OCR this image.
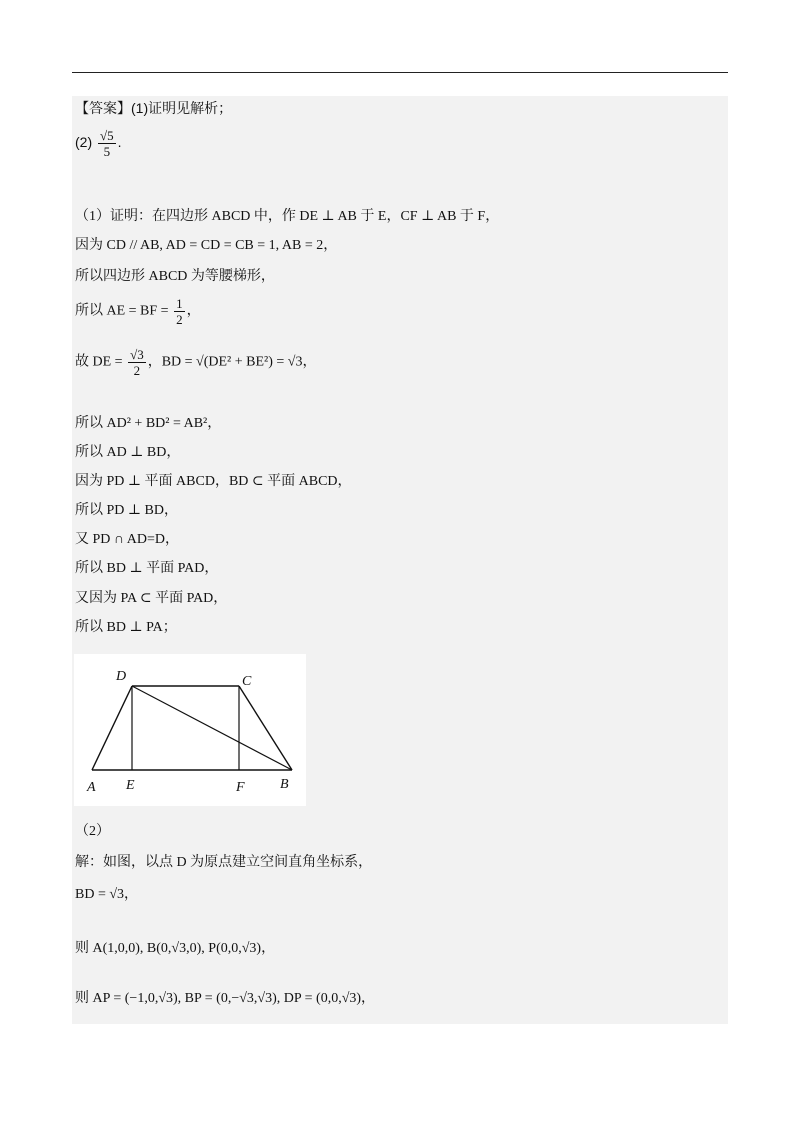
【答案】(1)证明见解析；
$(2) \frac{√5}{5}$ .
（1）证明：在四边形 ABCD 中，作 DE ⊥ AB 于 E，CF ⊥ AB 于 F，
因为 CD // AB, AD = CD = CB = 1, AB = 2，
所以四边形 ABCD 为等腰梯形，
所以 AE = BF = $\frac{1}{2}$ ，
故 DE = $\frac{√3}{2}$ ，BD = √(DE² + BE²) = √3，
所以 AD² + BD² = AB²，
所以 AD ⊥ BD，
因为 PD ⊥ 平面 ABCD，BD ⊂ 平面 ABCD，
所以 PD ⊥ BD，
又 PD ∩ AD=D，
所以 BD ⊥ 平面 PAD，
又因为 PA ⊂ 平面 PAD，
所以 BD ⊥ PA；
D	C
A E	F	B
（2）
解：如图，以点 D 为原点建立空间直角坐标系，
BD = √3，
则 A(1,0,0), B(0,√3,0), P(0,0,√3)，
则 AP = (−1,0,√3), BP = (0,−√3,√3), DP = (0,0,√3)，
